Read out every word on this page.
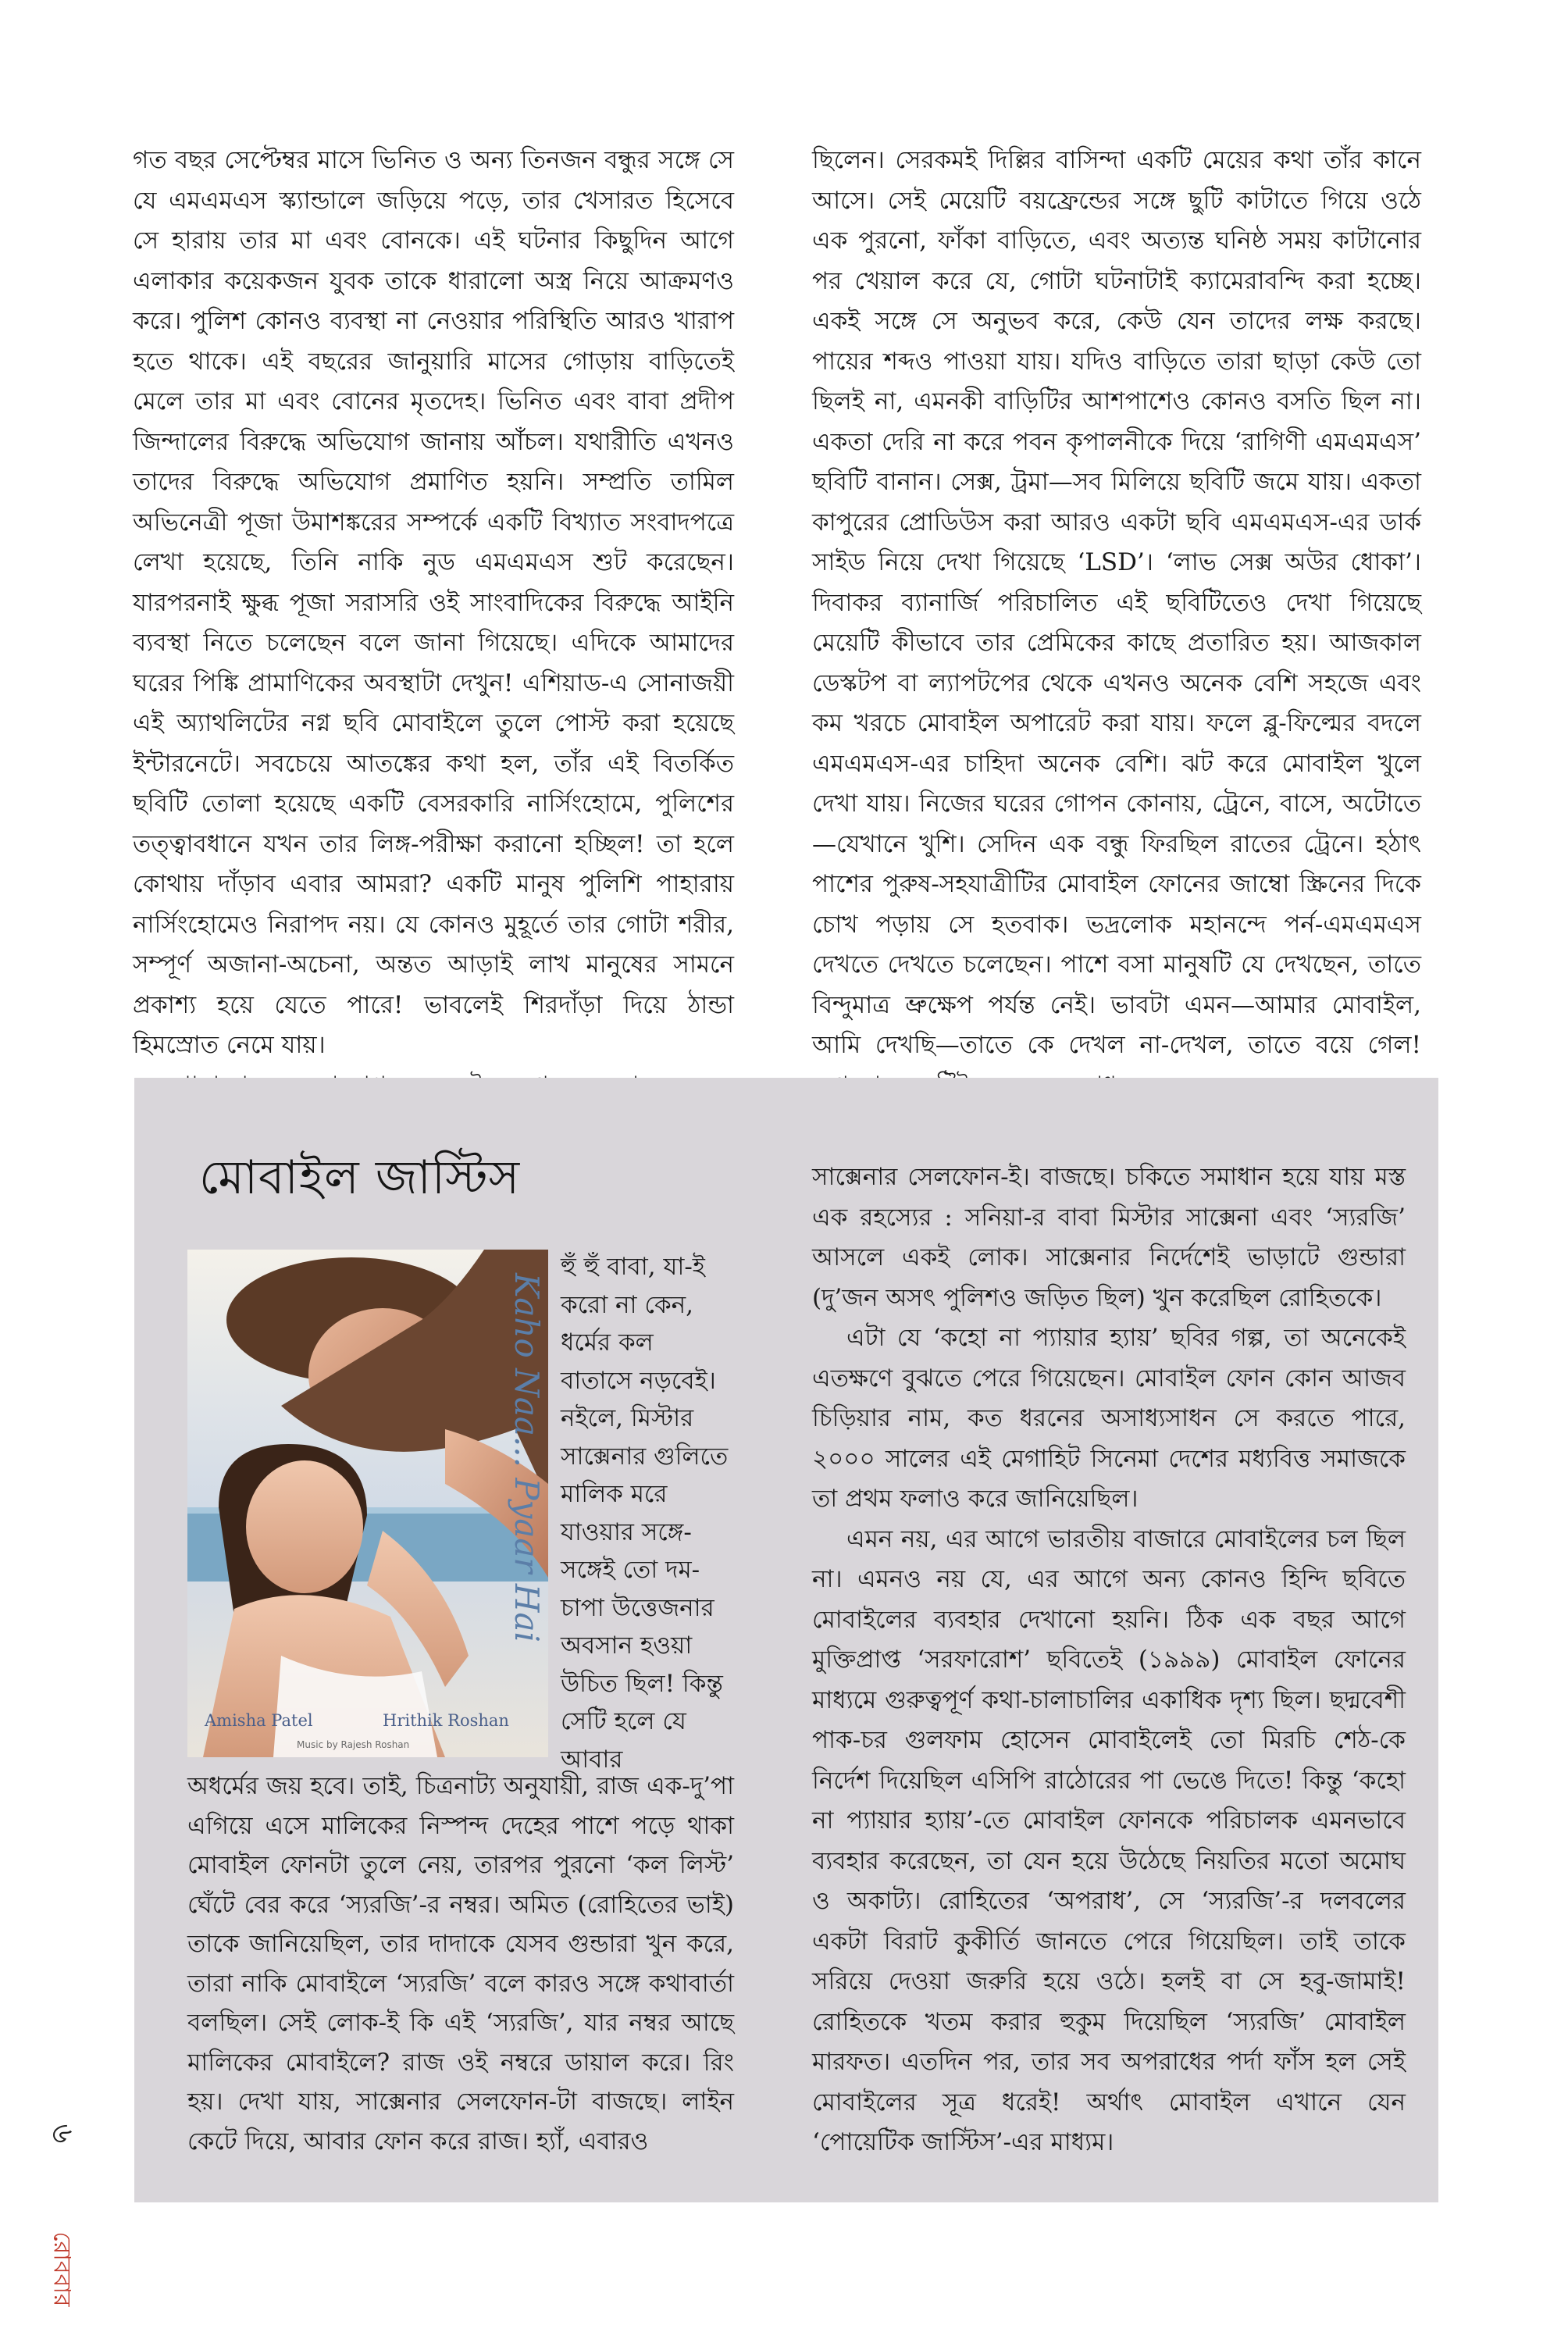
গত বছর সেপ্টেম্বর মাসে ভিনিত ও অন্য তিনজন বন্ধুর সঙ্গে সে যে এমএমএস স্ক্যান্ডালে জড়িয়ে পড়ে, তার খেসারত হিসেবে সে হারায় তার মা এবং বোনকে। এই ঘটনার কিছুদিন আগে এলাকার কয়েকজন যুবক তাকে ধারালো অস্ত্র নিয়ে আক্রমণও করে। পুলিশ কোনও ব্যবস্থা না নেওয়ার পরিস্থিতি আরও খারাপ হতে থাকে। এই বছরের জানুয়ারি মাসের গোড়ায় বাড়িতেই মেলে তার মা এবং বোনের মৃতদেহ। ভিনিত এবং বাবা প্রদীপ জিন্দালের বিরুদ্ধে অভিযোগ জানায় আঁচল। যথারীতি এখনও তাদের বিরুদ্ধে অভিযোগ প্রমাণিত হয়নি। সম্প্রতি তামিল অভিনেত্রী পূজা উমাশঙ্করের সম্পর্কে একটি বিখ্যাত সংবাদপত্রে লেখা হয়েছে, তিনি নাকি নুড এমএমএস শুট করেছেন। যারপরনাই ক্ষুব্ধ পূজা সরাসরি ওই সাংবাদিকের বিরুদ্ধে আইনি ব্যবস্থা নিতে চলেছেন বলে জানা গিয়েছে। এদিকে আমাদের ঘরের পিঙ্কি প্রামাণিকের অবস্থাটা দেখুন! এশিয়াড-এ সোনাজয়ী এই অ্যাথলিটের নগ্ন ছবি মোবাইলে তুলে পোস্ট করা হয়েছে ইন্টারনেটে। সবচেয়ে আতঙ্কের কথা হল, তাঁর এই বিতর্কিত ছবিটি তোলা হয়েছে একটি বেসরকারি নার্সিংহোমে, পুলিশের তত্ত্বাবধানে যখন তার লিঙ্গ-পরীক্ষা করানো হচ্ছিল! তা হলে কোথায় দাঁড়াব এবার আমরা? একটি মানুষ পুলিশি পাহারায় নার্সিংহোমেও নিরাপদ নয়। যে কোনও মুহূর্তে তার গোটা শরীর, সম্পূর্ণ অজানা-অচেনা, অন্তত আড়াই লাখ মানুষের সামনে প্রকাশ্য হয়ে যেতে পারে! ভাবলেই শিরদাঁড়া দিয়ে ঠান্ডা হিমস্রোত নেমে যায়।

ছিলেন। সেরকমই দিল্লির বাসিন্দা একটি মেয়ের কথা তাঁর কানে আসে। সেই মেয়েটি বয়ফ্রেন্ডের সঙ্গে ছুটি কাটাতে গিয়ে ওঠে এক পুরনো, ফাঁকা বাড়িতে, এবং অত্যন্ত ঘনিষ্ঠ সময় কাটানোর পর খেয়াল করে যে, গোটা ঘটনাটাই ক্যামেরাবন্দি করা হচ্ছে। একই সঙ্গে সে অনুভব করে, কেউ যেন তাদের লক্ষ করছে। পায়ের শব্দও পাওয়া যায়। যদিও বাড়িতে তারা ছাড়া কেউ তো ছিলই না, এমনকী বাড়িটির আশপাশেও কোনও বসতি ছিল না। একতা দেরি না করে পবন কৃপালনীকে দিয়ে ‘রাগিণী এমএমএস’ ছবিটি বানান। সেক্স, ট্রমা—সব মিলিয়ে ছবিটি জমে যায়। একতা কাপুরের প্রোডিউস করা আরও একটা ছবি এমএমএস-এর ডার্ক সাইড নিয়ে দেখা গিয়েছে ‘LSD’। ‘লাভ সেক্স অউর ধোকা’। দিবাকর ব্যানার্জি পরিচালিত এই ছবিটিতেও দেখা গিয়েছে মেয়েটি কীভাবে তার প্রেমিকের কাছে প্রতারিত হয়। আজকাল ডেস্কটপ বা ল্যাপটপের থেকে এখনও অনেক বেশি সহজে এবং কম খরচে মোবাইল অপারেট করা যায়। ফলে ব্লু-ফিল্মের বদলে এমএমএস-এর চাহিদা অনেক বেশি। ঝট করে মোবাইল খুলে দেখা যায়। নিজের ঘরের গোপন কোনায়, ট্রেনে, বাসে, অটোতে—যেখানে খুশি। সেদিন এক বন্ধু ফিরছিল রাতের ট্রেনে। হঠাৎ পাশের পুরুষ-সহযাত্রীটির মোবাইল ফোনের জাম্বো স্ক্রিনের দিকে চোখ পড়ায় সে হতবাক। ভদ্রলোক মহানন্দে পর্ন-এমএমএস দেখতে দেখতে চলেছেন। পাশে বসা মানুষটি যে দেখছেন, তাতে বিন্দুমাত্র ভ্রুক্ষেপ পর্যন্ত নেই। ভাবটা এমন—আমার মোবাইল, আমি দেখছি—তাতে কে দেখল না-দেখল, তাতে বয়ে গেল!

মোবাইল জাস্টিস
Kaho Naa... Pyaar Hai
Amisha Patel	Hrithik Roshan
Music by Rajesh Roshan

হুঁ হুঁ বাবা, যা-ই করো না কেন, ধর্মের কল বাতাসে নড়বেই। নইলে, মিস্টার সাক্সেনার গুলিতে মালিক মরে যাওয়ার সঙ্গে-সঙ্গেই তো দম-চাপা উত্তেজনার অবসান হওয়া উচিত ছিল! কিন্তু সেটি হলে যে আবার

অধর্মের জয় হবে। তাই, চিত্রনাট্য অনুযায়ী, রাজ এক-দু’পা এগিয়ে এসে মালিকের নিস্পন্দ দেহের পাশে পড়ে থাকা মোবাইল ফোনটা তুলে নেয়, তারপর পুরনো ‘কল লিস্ট’ ঘেঁটে বের করে ‘স্যরজি’-র নম্বর। অমিত (রোহিতের ভাই) তাকে জানিয়েছিল, তার দাদাকে যেসব গুন্ডারা খুন করে, তারা নাকি মোবাইলে ‘স্যরজি’ বলে কারও সঙ্গে কথাবার্তা বলছিল। সেই লোক-ই কি এই ‘স্যরজি’, যার নম্বর আছে মালিকের মোবাইলে? রাজ ওই নম্বরে ডায়াল করে। রিং হয়। দেখা যায়, সাক্সেনার সেলফোন-টা বাজছে। লাইন কেটে দিয়ে, আবার ফোন করে রাজ। হ্যাঁ, এবারও

সাক্সেনার সেলফোন-ই। বাজছে। চকিতে সমাধান হয়ে যায় মস্ত এক রহস্যের : সনিয়া-র বাবা মিস্টার সাক্সেনা এবং ‘স্যরজি’ আসলে একই লোক। সাক্সেনার নির্দেশেই ভাড়াটে গুন্ডারা (দু’জন অসৎ পুলিশও জড়িত ছিল) খুন করেছিল রোহিতকে।

এটা যে ‘কহো না প্যায়ার হ্যায়’ ছবির গল্প, তা অনেকেই এতক্ষণে বুঝতে পেরে গিয়েছেন। মোবাইল ফোন কোন আজব চিড়িয়ার নাম, কত ধরনের অসাধ্যসাধন সে করতে পারে, ২০০০ সালের এই মেগাহিট সিনেমা দেশের মধ্যবিত্ত সমাজকে তা প্রথম ফলাও করে জানিয়েছিল।

এমন নয়, এর আগে ভারতীয় বাজারে মোবাইলের চল ছিল না। এমনও নয় যে, এর আগে অন্য কোনও হিন্দি ছবিতে মোবাইলের ব্যবহার দেখানো হয়নি। ঠিক এক বছর আগে মুক্তিপ্রাপ্ত ‘সরফারোশ’ ছবিতেই (১৯৯৯) মোবাইল ফোনের মাধ্যমে গুরুত্বপূর্ণ কথা-চালাচালির একাধিক দৃশ্য ছিল। ছদ্মবেশী পাক-চর গুলফাম হোসেন মোবাইলেই তো মিরচি শেঠ-কে নির্দেশ দিয়েছিল এসিপি রাঠোরের পা ভেঙে দিতে! কিন্তু ‘কহো না প্যায়ার হ্যায়’-তে মোবাইল ফোনকে পরিচালক এমনভাবে ব্যবহার করেছেন, তা যেন হয়ে উঠেছে নিয়তির মতো অমোঘ ও অকাট্য। রোহিতের ‘অপরাধ’, সে ‘স্যরজি’-র দলবলের একটা বিরাট কুকীর্তি জানতে পেরে গিয়েছিল। তাই তাকে সরিয়ে দেওয়া জরুরি হয়ে ওঠে। হলই বা সে হবু-জামাই! রোহিতকে খতম করার হুকুম দিয়েছিল ‘স্যরজি’ মোবাইল মারফত। এতদিন পর, তার সব অপরাধের পর্দা ফাঁস হল সেই মোবাইলের সূত্র ধরেই! অর্থাৎ মোবাইল এখানে যেন ‘পোয়েটিক জাস্টিস’-এর মাধ্যম।

৬
রোববার
